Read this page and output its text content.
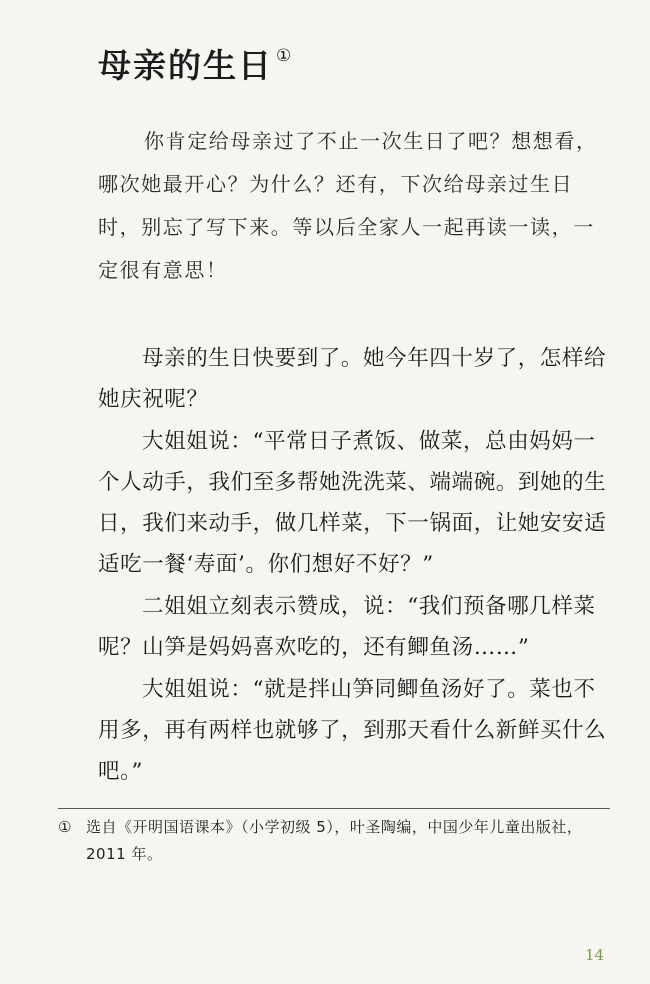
母亲的生日 ①
你肯定给母亲过了不止一次生日了吧？想想看，哪次她最开心？为什么？还有，下次给母亲过生日时，别忘了写下来。等以后全家人一起再读一读，一定很有意思！

母亲的生日快要到了。她今年四十岁了，怎样给她庆祝呢？

大姐姐说：“平常日子煮饭、做菜，总由妈妈一个人动手，我们至多帮她洗洗菜、端端碗。到她的生日，我们来动手，做几样菜，下一锅面，让她安安适适吃一餐‘寿面’。你们想好不好？”

二姐姐立刻表示赞成，说：“我们预备哪几样菜呢？山笋是妈妈喜欢吃的，还有鲫鱼汤……”

大姐姐说：“就是拌山笋同鲫鱼汤好了。菜也不用多，再有两样也就够了，到那天看什么新鲜买什么吧。”

① 选自《开明国语课本》（小学初级 5），叶圣陶编，中国少年儿童出版社，
2011 年。
14
